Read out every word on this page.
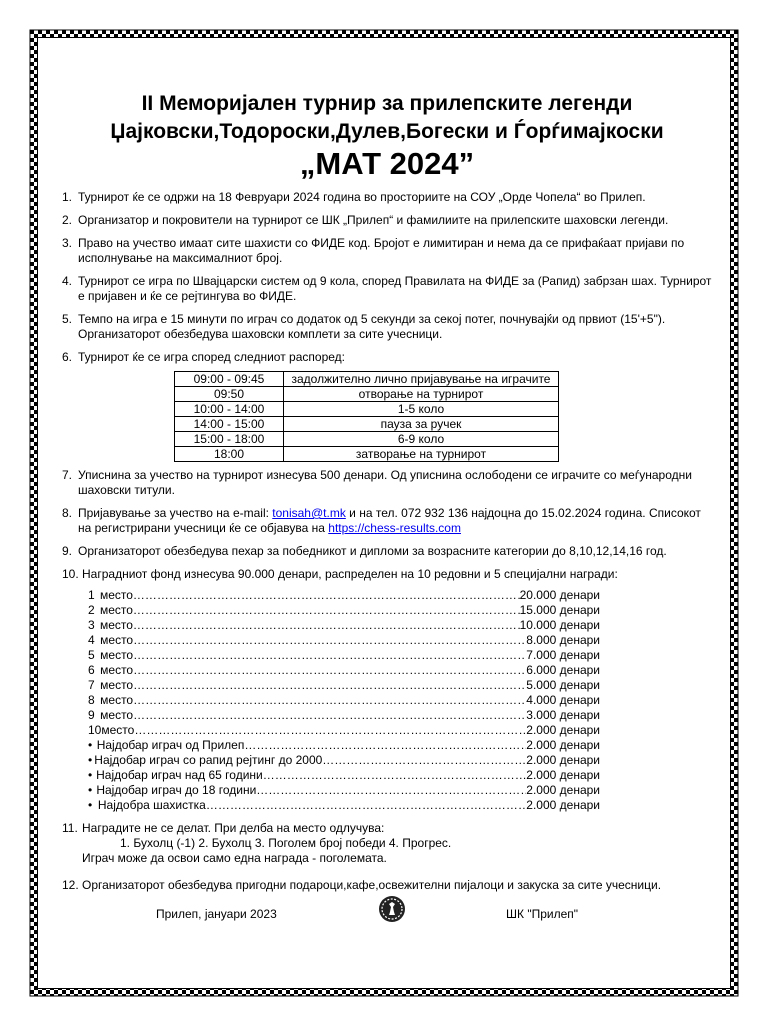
II Меморијален турнир за прилепските легенди
Џајковски,Тодороски,Дулев,Богески и Ѓорѓимајкоски
„МАТ 2024”
1. Турнирот ќе се одржи на 18 Февруари 2024 година во просториите на СОУ „Орде Чопела“ во Прилеп.
2. Организатор и покровители на турнирот се ШК „Прилеп“ и фамилиите на прилепските шаховски легенди.
3. Право на учество имаат сите шахисти со ФИДЕ код. Бројот е лимитиран и нема да се прифаќаат пријави по исполнување на максималниот број.
4. Турнирот се игра по Швајцарски систем од 9 кола, според Правилата на ФИДЕ за (Рапид) забрзан шах. Турнирот е пријавен и ќе се рејтингува во ФИДЕ.
5. Темпо на игра е 15 минути по играч со додаток од 5 секунди за секој потег, почнувајќи од првиот (15'+5"). Организаторот обезбедува шаховски комплети за сите учесници.
6. Турнирот ќе се игра според следниот распоред:
09:00 - 09:45	задолжително лично пријавување на играчите
09:50	отворање на турнирот
10:00 - 14:00	1-5 коло
14:00 - 15:00	пауза за ручек
15:00 - 18:00	6-9 коло
18:00	затворање на турнирот
7. Уписнина за учество на турнирот изнесува 500 денари. Од уписнина ослободени се играчите со меѓународни шаховски титули.
8. Пријавување за учество на e-mail: tonisah@t.mk и на тел. 072 932 136 најдоцна до 15.02.2024 година. Списокот на регистрирани учесници ќе се објавува на https://chess-results.com
9. Организаторот обезбедува пехар за победникот и дипломи за возрасните категории до 8,10,12,14,16 год.
10. Наградниот фонд изнесува 90.000 денари, распределен на 10 редовни и 5 специјални награди:
1 место ………………………………………………………………………………………………………………………………………………	20.000 денари
2 место ………………………………………………………………………………………………………………………………………………	15.000 денари
3 место ………………………………………………………………………………………………………………………………………………	10.000 денари
4 место ………………………………………………………………………………………………………………………………………………	8.000 денари
5 место ………………………………………………………………………………………………………………………………………………	7.000 денари
6 место ………………………………………………………………………………………………………………………………………………	6.000 денари
7 место ………………………………………………………………………………………………………………………………………………	5.000 денари
8 место ………………………………………………………………………………………………………………………………………………	4.000 денари
9 место ………………………………………………………………………………………………………………………………………………	3.000 денари
10 место ………………………………………………………………………………………………………………………………………………	2.000 денари
• Најдобар играч од Прилеп ………………………………………………………………………………………………………………………………………………	2.000 денари
• Најдобар играч со рапид рејтинг до 2000 ………………………………………………………………………………………………………………………………………………	2.000 денари
• Најдобар играч над 65 години ………………………………………………………………………………………………………………………………………………	2.000 денари
• Најдобар играч до 18 години ………………………………………………………………………………………………………………………………………………	2.000 денари
• Најдобра шахистка ………………………………………………………………………………………………………………………………………………	2.000 денари
11. Наградите не се делат. При делба на место одлучува:
1. Бухолц (-1) 2. Бухолц 3. Поголем број победи 4. Прогрес.
Играч може да освои само една награда - поголемата.
12. Организаторот обезбедува пригодни подароци,кафе,освежителни пијалоци и закуска за сите учесници.
Прилеп, јануари 2023	ШК "Прилеп"
